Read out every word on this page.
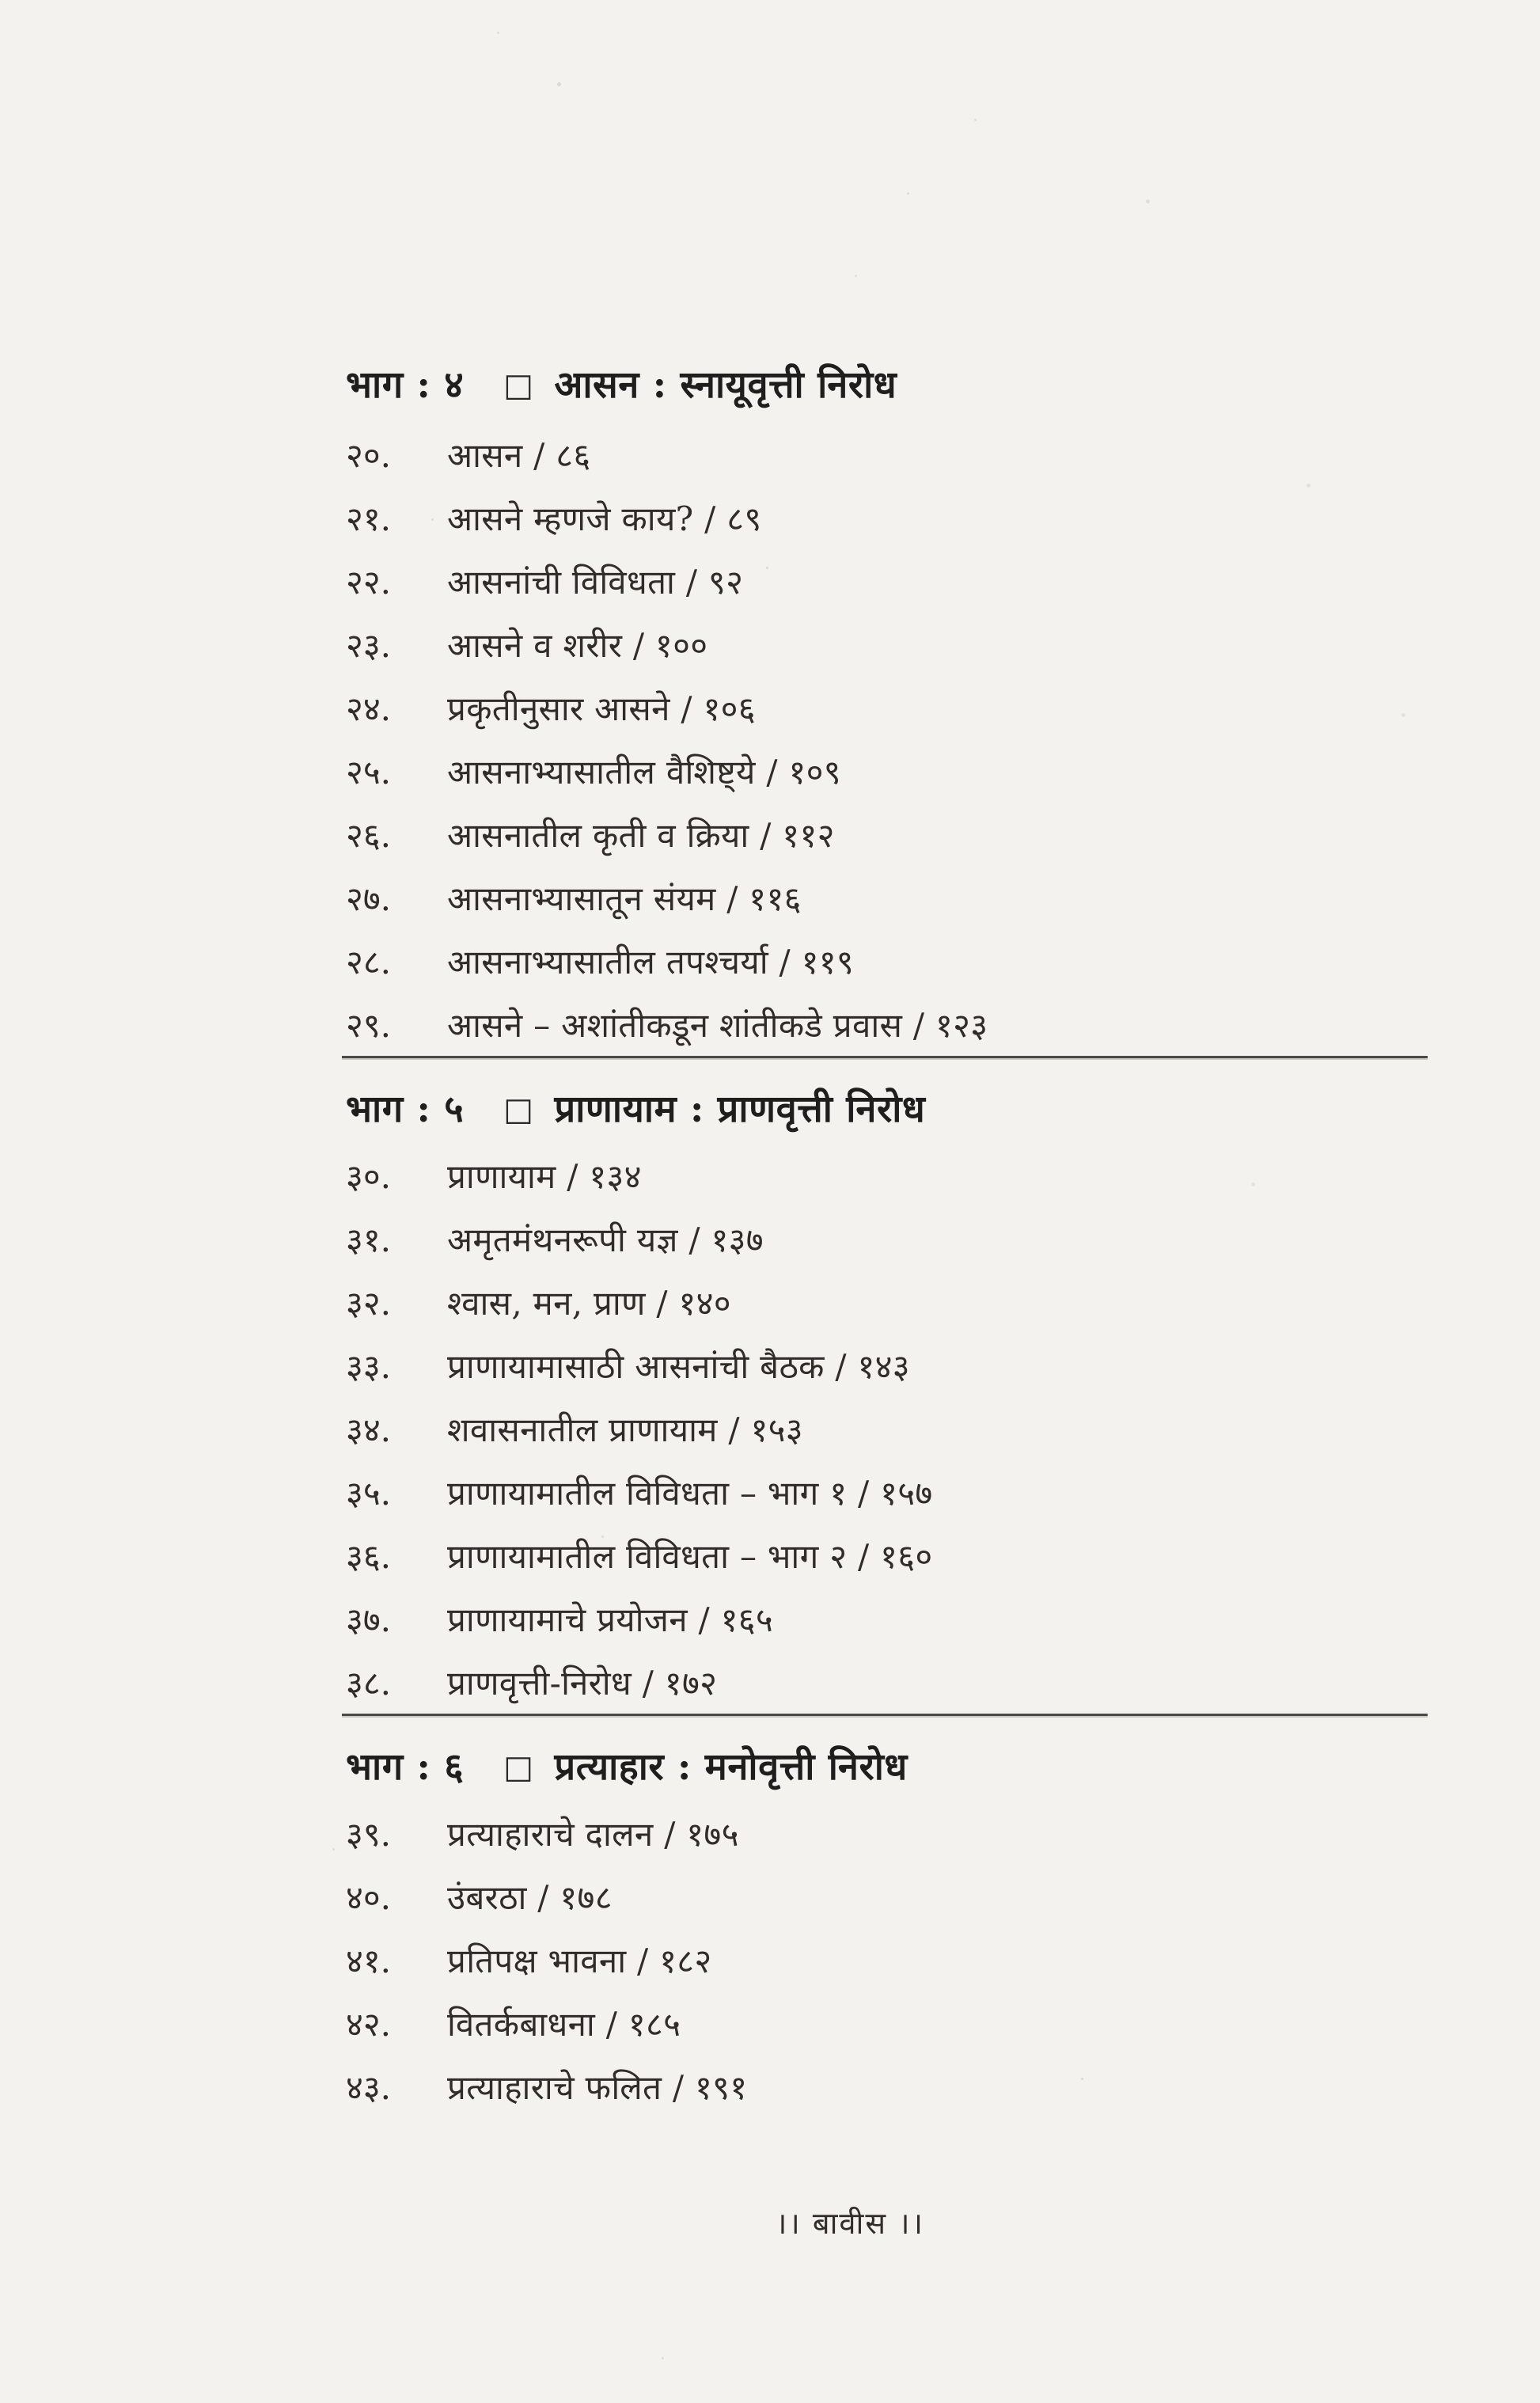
भाग : ४ □ आसन : स्नायूवृत्ती निरोध
२०.	आसन / ८६
२१.	आसने म्हणजे काय? / ८९
२२.	आसनांची विविधता / ९२
२३.	आसने व शरीर / १००
२४.	प्रकृतीनुसार आसने / १०६
२५.	आसनाभ्यासातील वैशिष्ट्ये / १०९
२६.	आसनातील कृती व क्रिया / ११२
२७.	आसनाभ्यासातून संयम / ११६
२८.	आसनाभ्यासातील तपश्चर्या / ११९
२९.	आसने – अशांतीकडून शांतीकडे प्रवास / १२३
भाग : ५ □ प्राणायाम : प्राणवृत्ती निरोध
३०.	प्राणायाम / १३४
३१.	अमृतमंथनरूपी यज्ञ / १३७
३२.	श्वास, मन, प्राण / १४०
३३.	प्राणायामासाठी आसनांची बैठक / १४३
३४.	शवासनातील प्राणायाम / १५३
३५.	प्राणायामातील विविधता – भाग १ / १५७
३६.	प्राणायामातील विविधता – भाग २ / १६०
३७.	प्राणायामाचे प्रयोजन / १६५
३८.	प्राणवृत्ती-निरोध / १७२
भाग : ६ □ प्रत्याहार : मनोवृत्ती निरोध
३९.	प्रत्याहाराचे दालन / १७५
४०.	उंबरठा / १७८
४१.	प्रतिपक्ष भावना / १८२
४२.	वितर्कबाधना / १८५
४३.	प्रत्याहाराचे फलित / १९१
।। बावीस ।।
